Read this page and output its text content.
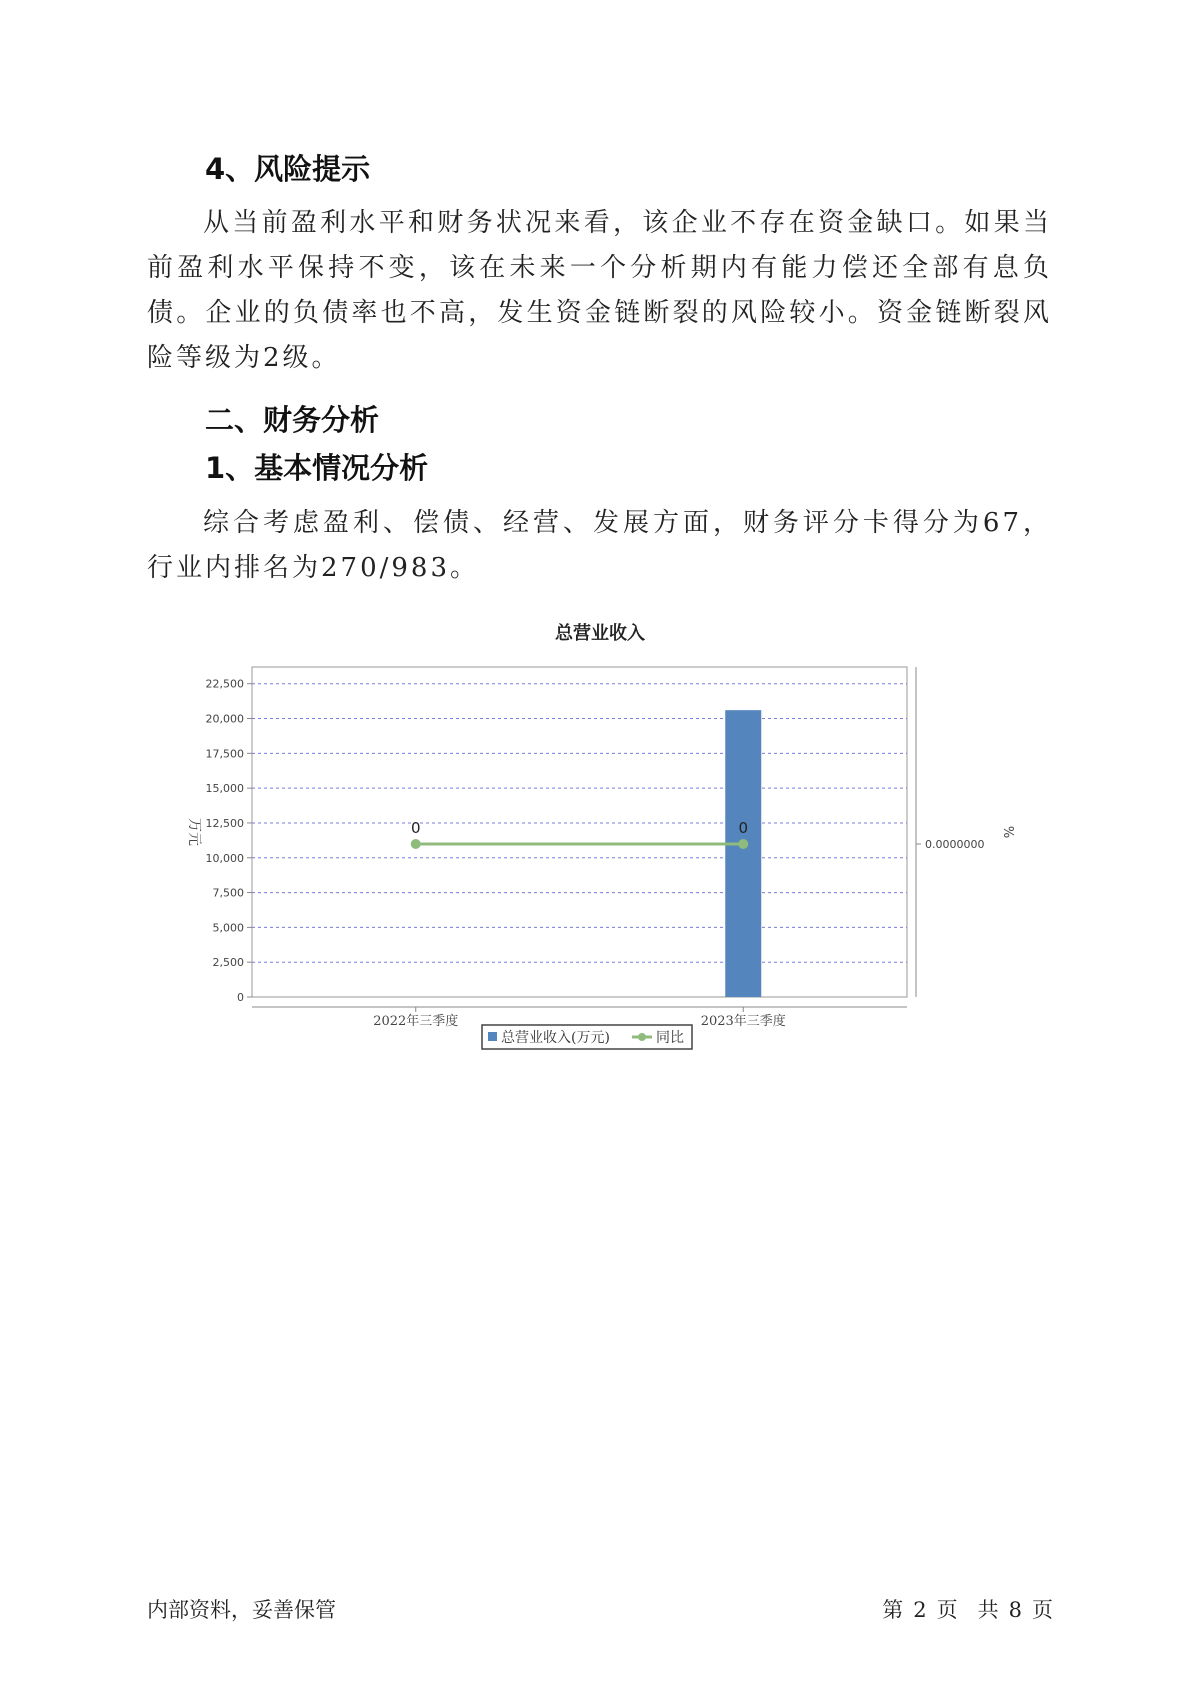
4、风险提示

从当前盈利水平和财务状况来看，该企业不存在资金缺口。如果当前盈利水平保持不变，该在未来一个分析期内有能力偿还全部有息负债。企业的负债率也不高，发生资金链断裂的风险较小。资金链断裂风险等级为2级。

二、财务分析
1、基本情况分析

综合考虑盈利、偿债、经营、发展方面，财务评分卡得分为67，行业内排名为270/983。

总营业收入
0
2,500
5,000
7,500
10,000
12,500
15,000
17,500
20,000
22,500
2022年三季度	2023年三季度
万元	0.0000000
%
0	0
总营业收入(万元)	同比

内部资料，妥善保管	第 2 页 共 8 页
